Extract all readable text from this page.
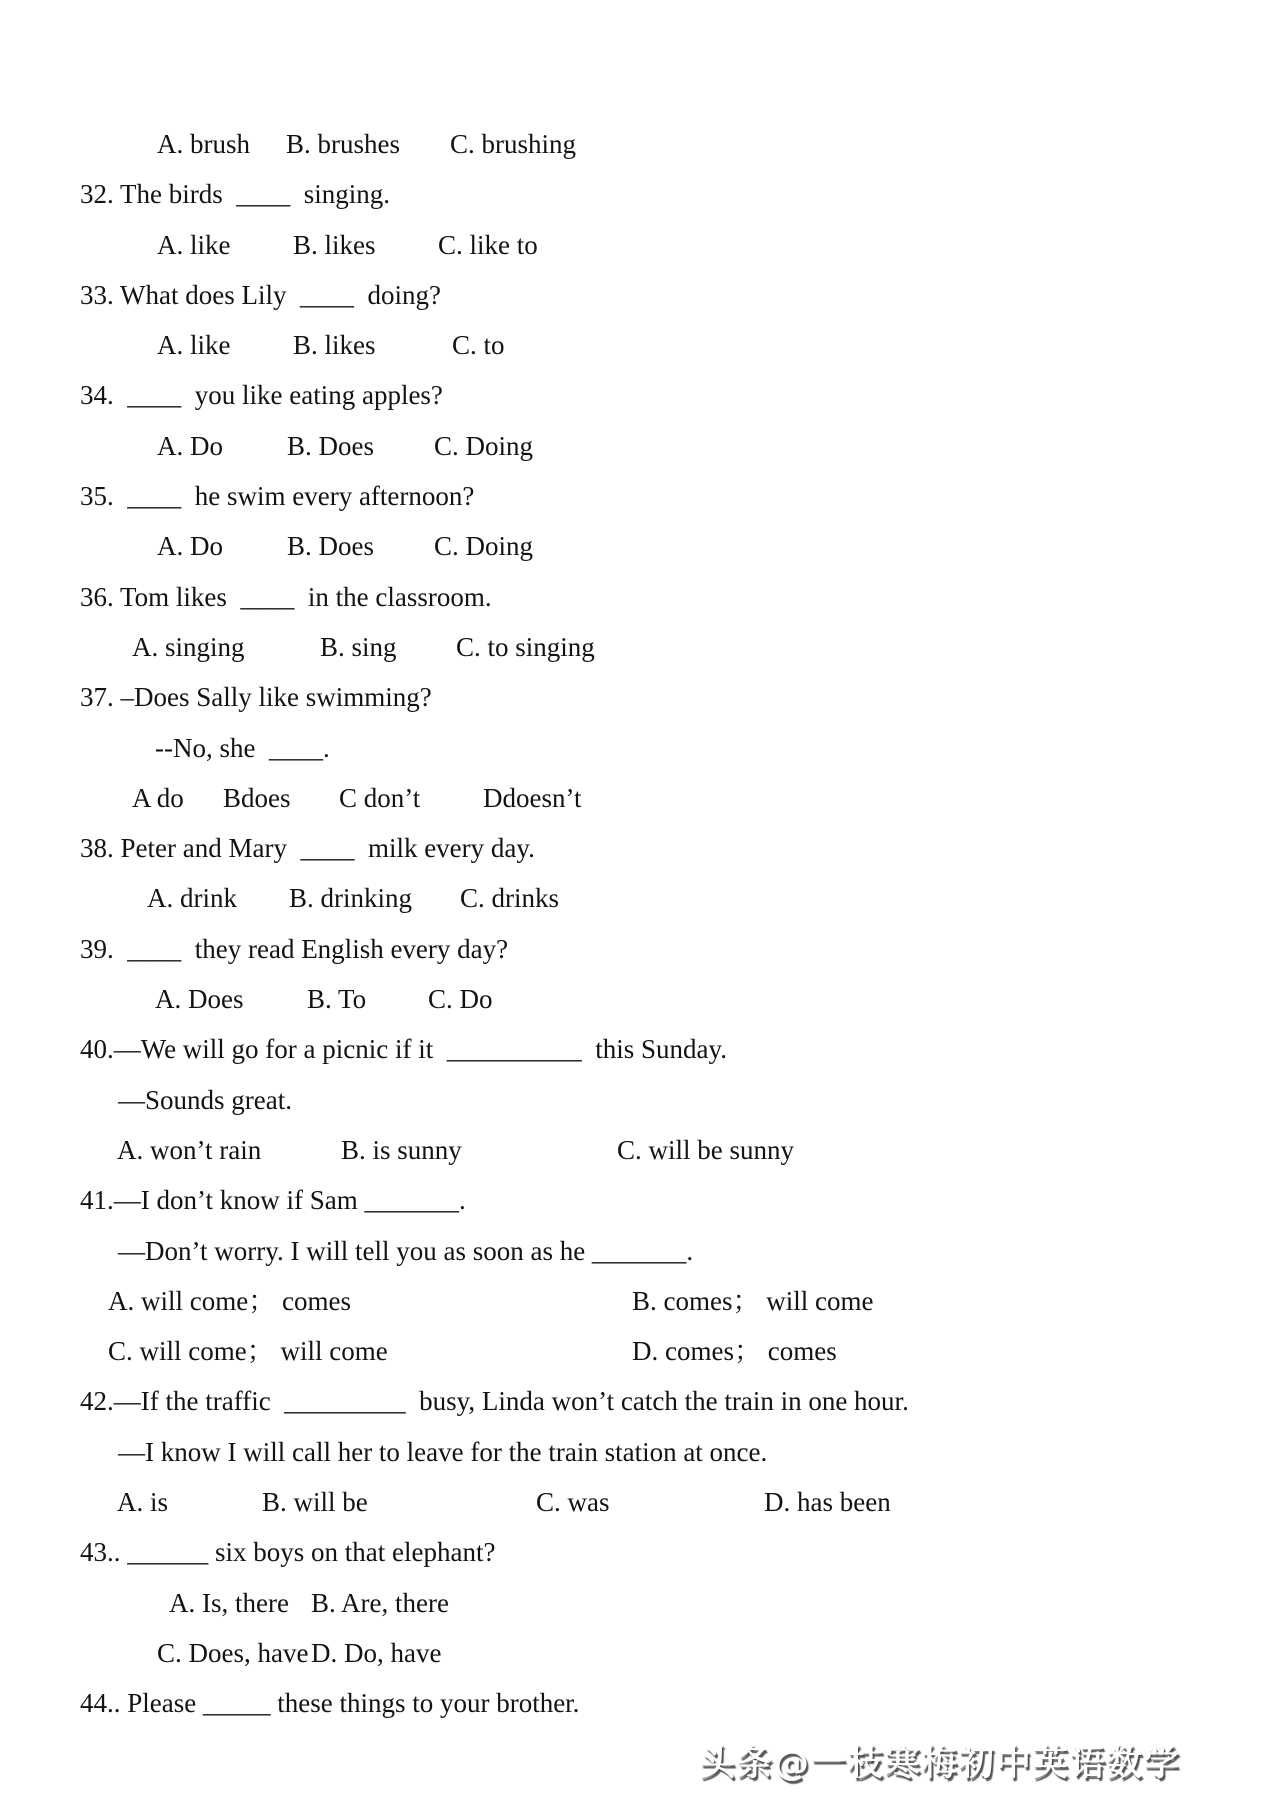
A. brush B. brushes C. brushing
32. The birds  ____  singing.
A. like B. likes C. like to
33. What does Lily  ____  doing?
A. like B. likes	C. to
34.  ____  you like eating apples?
A. Do B. Does C. Doing
35.  ____  he swim every afternoon?
A. Do B. Does C. Doing
36. Tom likes  ____  in the classroom.
A. singing	B. sing C. to singing
37. –Does Sally like swimming?
--No, she  ____.
A do Bdoes C don’t Ddoesn’t
38. Peter and Mary  ____  milk every day.
A. drink B. drinking C. drinks
39.  ____  they read English every day?
A. Does B. To C. Do
40.—We will go for a picnic if it  __________  this Sunday.
—Sounds great.
A. won’t rain	B. is sunny	C. will be sunny
41.—I don’t know if Sam _______.
—Don’t worry. I will tell you as soon as he _______.
A. will come； comes	B. comes； will come
C. will come； will come	D. comes； comes
42.—If the traffic  _________  busy, Linda won’t catch the train in one hour.
—I know I will call her to leave for the train station at once.
A. is	B. will be	C. was	D. has been
43.. ______ six boys on that elephant?
A. Is, there B. Are, there
C. Does, haveD. Do, have
44.. Please _____ these things to your brother.
头条@一枝寒梅初中英语数学
